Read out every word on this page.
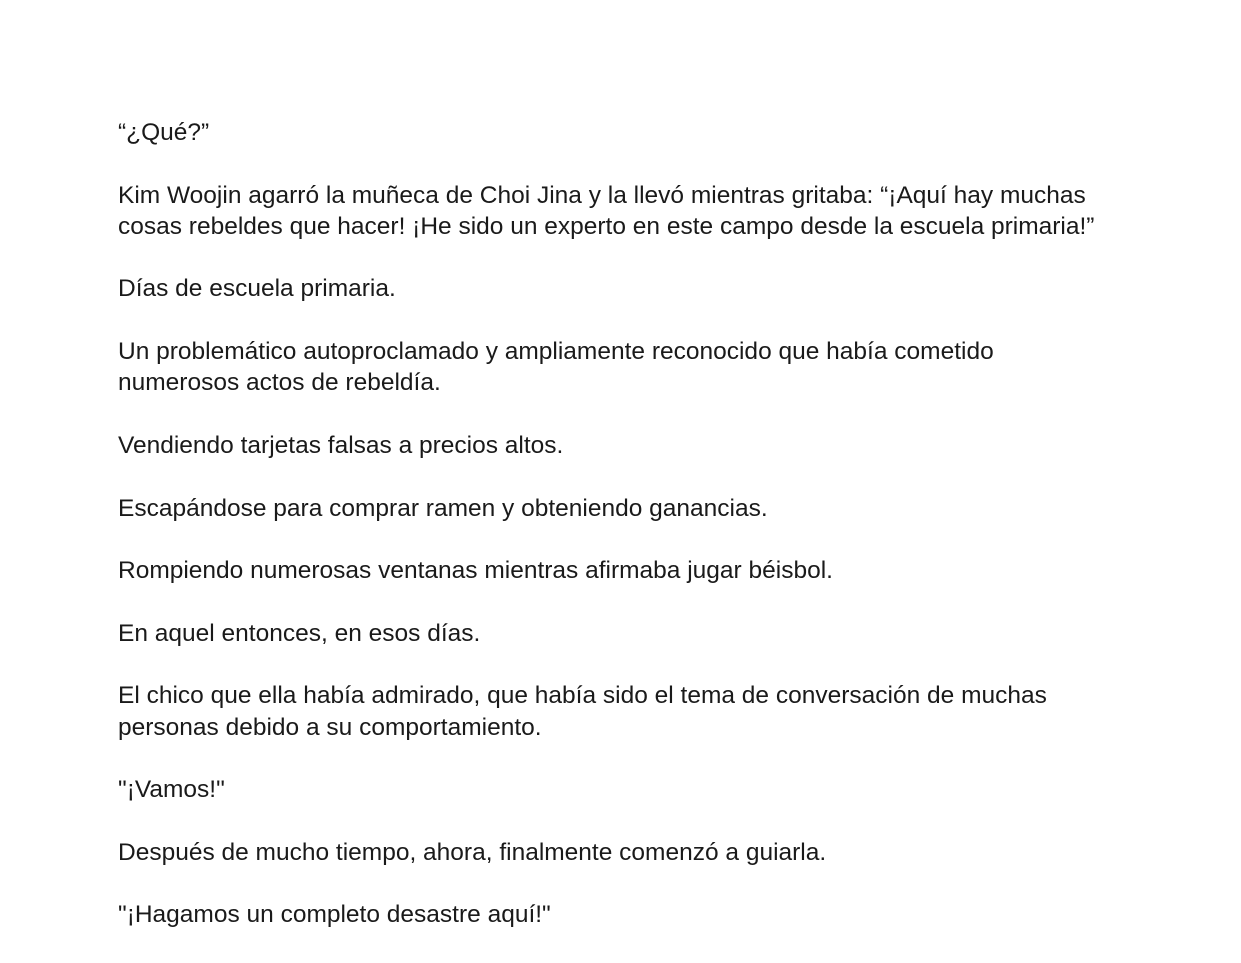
“¿Qué?”

Kim Woojin agarró la muñeca de Choi Jina y la llevó mientras gritaba: “¡Aquí hay muchas cosas rebeldes que hacer! ¡He sido un experto en este campo desde la escuela primaria!”

Días de escuela primaria.

Un problemático autoproclamado y ampliamente reconocido que había cometido numerosos actos de rebeldía.

Vendiendo tarjetas falsas a precios altos.

Escapándose para comprar ramen y obteniendo ganancias.

Rompiendo numerosas ventanas mientras afirmaba jugar béisbol.

En aquel entonces, en esos días.

El chico que ella había admirado, que había sido el tema de conversación de muchas personas debido a su comportamiento.

"¡Vamos!"

Después de mucho tiempo, ahora, finalmente comenzó a guiarla.

"¡Hagamos un completo desastre aquí!"
